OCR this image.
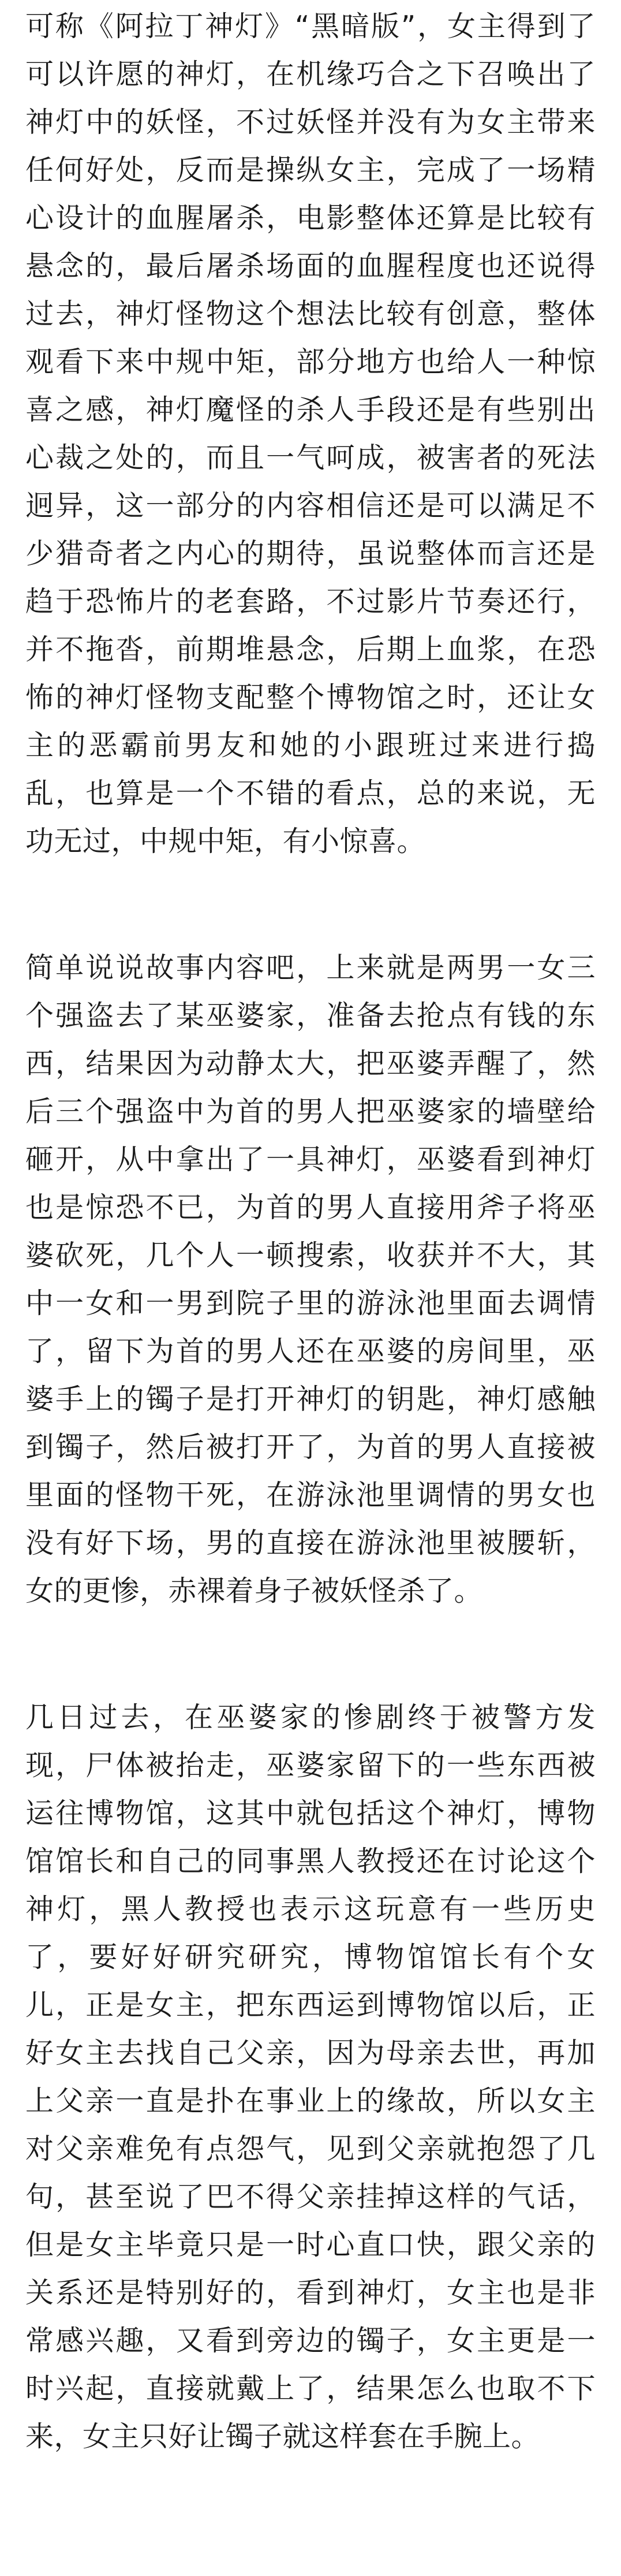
可称《阿拉丁神灯》“黑暗版”，女主得到了可以许愿的神灯，在机缘巧合之下召唤出了神灯中的妖怪，不过妖怪并没有为女主带来任何好处，反而是操纵女主，完成了一场精心设计的血腥屠杀，电影整体还算是比较有悬念的，最后屠杀场面的血腥程度也还说得过去，神灯怪物这个想法比较有创意，整体观看下来中规中矩，部分地方也给人一种惊喜之感，神灯魔怪的杀人手段还是有些别出心裁之处的，而且一气呵成，被害者的死法迥异，这一部分的内容相信还是可以满足不少猎奇者之内心的期待，虽说整体而言还是趋于恐怖片的老套路，不过影片节奏还行，并不拖沓，前期堆悬念，后期上血浆，在恐怖的神灯怪物支配整个博物馆之时，还让女主的恶霸前男友和她的小跟班过来进行捣乱，也算是一个不错的看点，总的来说，无功无过，中规中矩，有小惊喜。

简单说说故事内容吧，上来就是两男一女三个强盗去了某巫婆家，准备去抢点有钱的东西，结果因为动静太大，把巫婆弄醒了，然后三个强盗中为首的男人把巫婆家的墙壁给砸开，从中拿出了一具神灯，巫婆看到神灯也是惊恐不已，为首的男人直接用斧子将巫婆砍死，几个人一顿搜索，收获并不大，其中一女和一男到院子里的游泳池里面去调情了，留下为首的男人还在巫婆的房间里，巫婆手上的镯子是打开神灯的钥匙，神灯感触到镯子，然后被打开了，为首的男人直接被里面的怪物干死，在游泳池里调情的男女也没有好下场，男的直接在游泳池里被腰斩，女的更惨，赤裸着身子被妖怪杀了。

几日过去，在巫婆家的惨剧终于被警方发现，尸体被抬走，巫婆家留下的一些东西被运往博物馆，这其中就包括这个神灯，博物馆馆长和自己的同事黑人教授还在讨论这个神灯，黑人教授也表示这玩意有一些历史了，要好好研究研究，博物馆馆长有个女儿，正是女主，把东西运到博物馆以后，正好女主去找自己父亲，因为母亲去世，再加上父亲一直是扑在事业上的缘故，所以女主对父亲难免有点怨气，见到父亲就抱怨了几句，甚至说了巴不得父亲挂掉这样的气话，但是女主毕竟只是一时心直口快，跟父亲的关系还是特别好的，看到神灯，女主也是非常感兴趣，又看到旁边的镯子，女主更是一时兴起，直接就戴上了，结果怎么也取不下来，女主只好让镯子就这样套在手腕上。
